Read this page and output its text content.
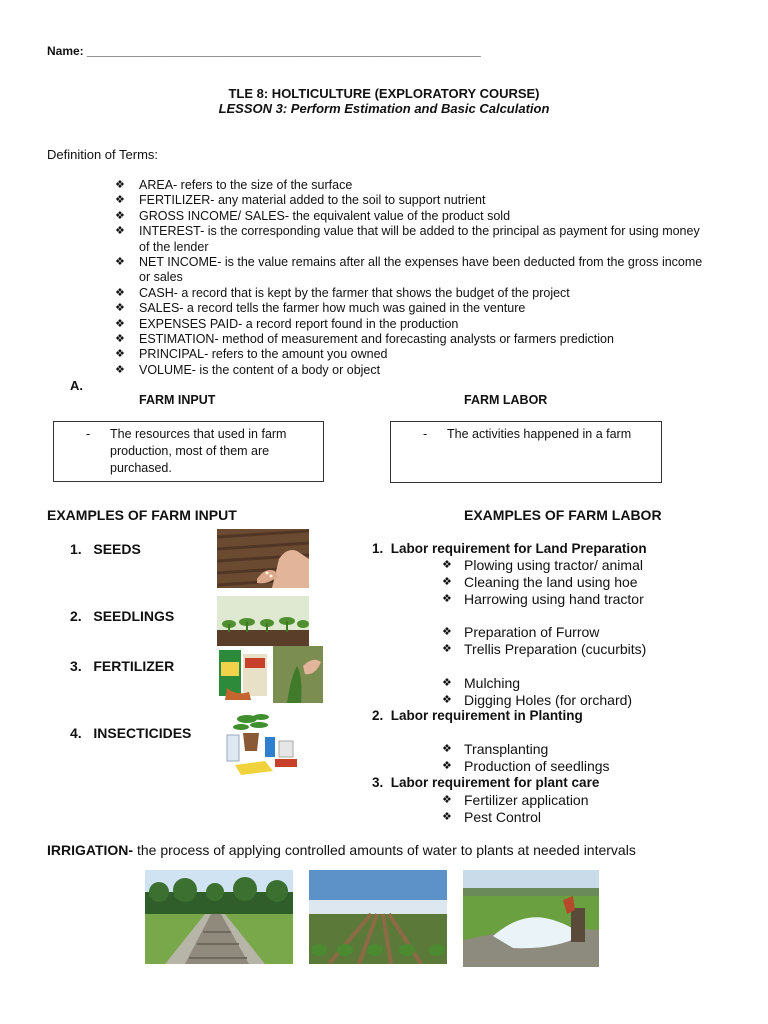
Name: ___________________________________________________________
TLE 8: HOLTICULTURE (EXPLORATORY COURSE)
LESSON 3: Perform Estimation and Basic Calculation
Definition of Terms:
❖ AREA- refers to the size of the surface
❖ FERTILIZER- any material added to the soil to support nutrient
❖ GROSS INCOME/ SALES- the equivalent value of the product sold
❖ INTEREST- is the corresponding value that will be added to the principal as payment for using money of the lender
❖ NET INCOME- is the value remains after all the expenses have been deducted from the gross income or sales
❖ CASH- a record that is kept by the farmer that shows the budget of the project
❖ SALES- a record tells the farmer how much was gained in the venture
❖ EXPENSES PAID- a record report found in the production
❖ ESTIMATION- method of measurement and forecasting analysts or farmers prediction
❖ PRINCIPAL- refers to the amount you owned
❖ VOLUME- is the content of a body or object
A.
FARM INPUT	FARM LABOR
- The resources that used in farm production, most of them are purchased.
- The activities happened in a farm
EXAMPLES OF FARM INPUT	EXAMPLES OF FARM LABOR
1. SEEDS
2. SEEDLINGS
3. FERTILIZER
4. INSECTICIDES
1. Labor requirement for Land Preparation
❖ Plowing using tractor/ animal
❖ Cleaning the land using hoe
❖ Harrowing using hand tractor
❖ Preparation of Furrow
❖ Trellis Preparation (cucurbits)
❖ Mulching
❖ Digging Holes (for orchard)
2. Labor requirement in Planting
❖ Transplanting
❖ Production of seedlings
3. Labor requirement for plant care
❖ Fertilizer application
❖ Pest Control
IRRIGATION- the process of applying controlled amounts of water to plants at needed intervals
